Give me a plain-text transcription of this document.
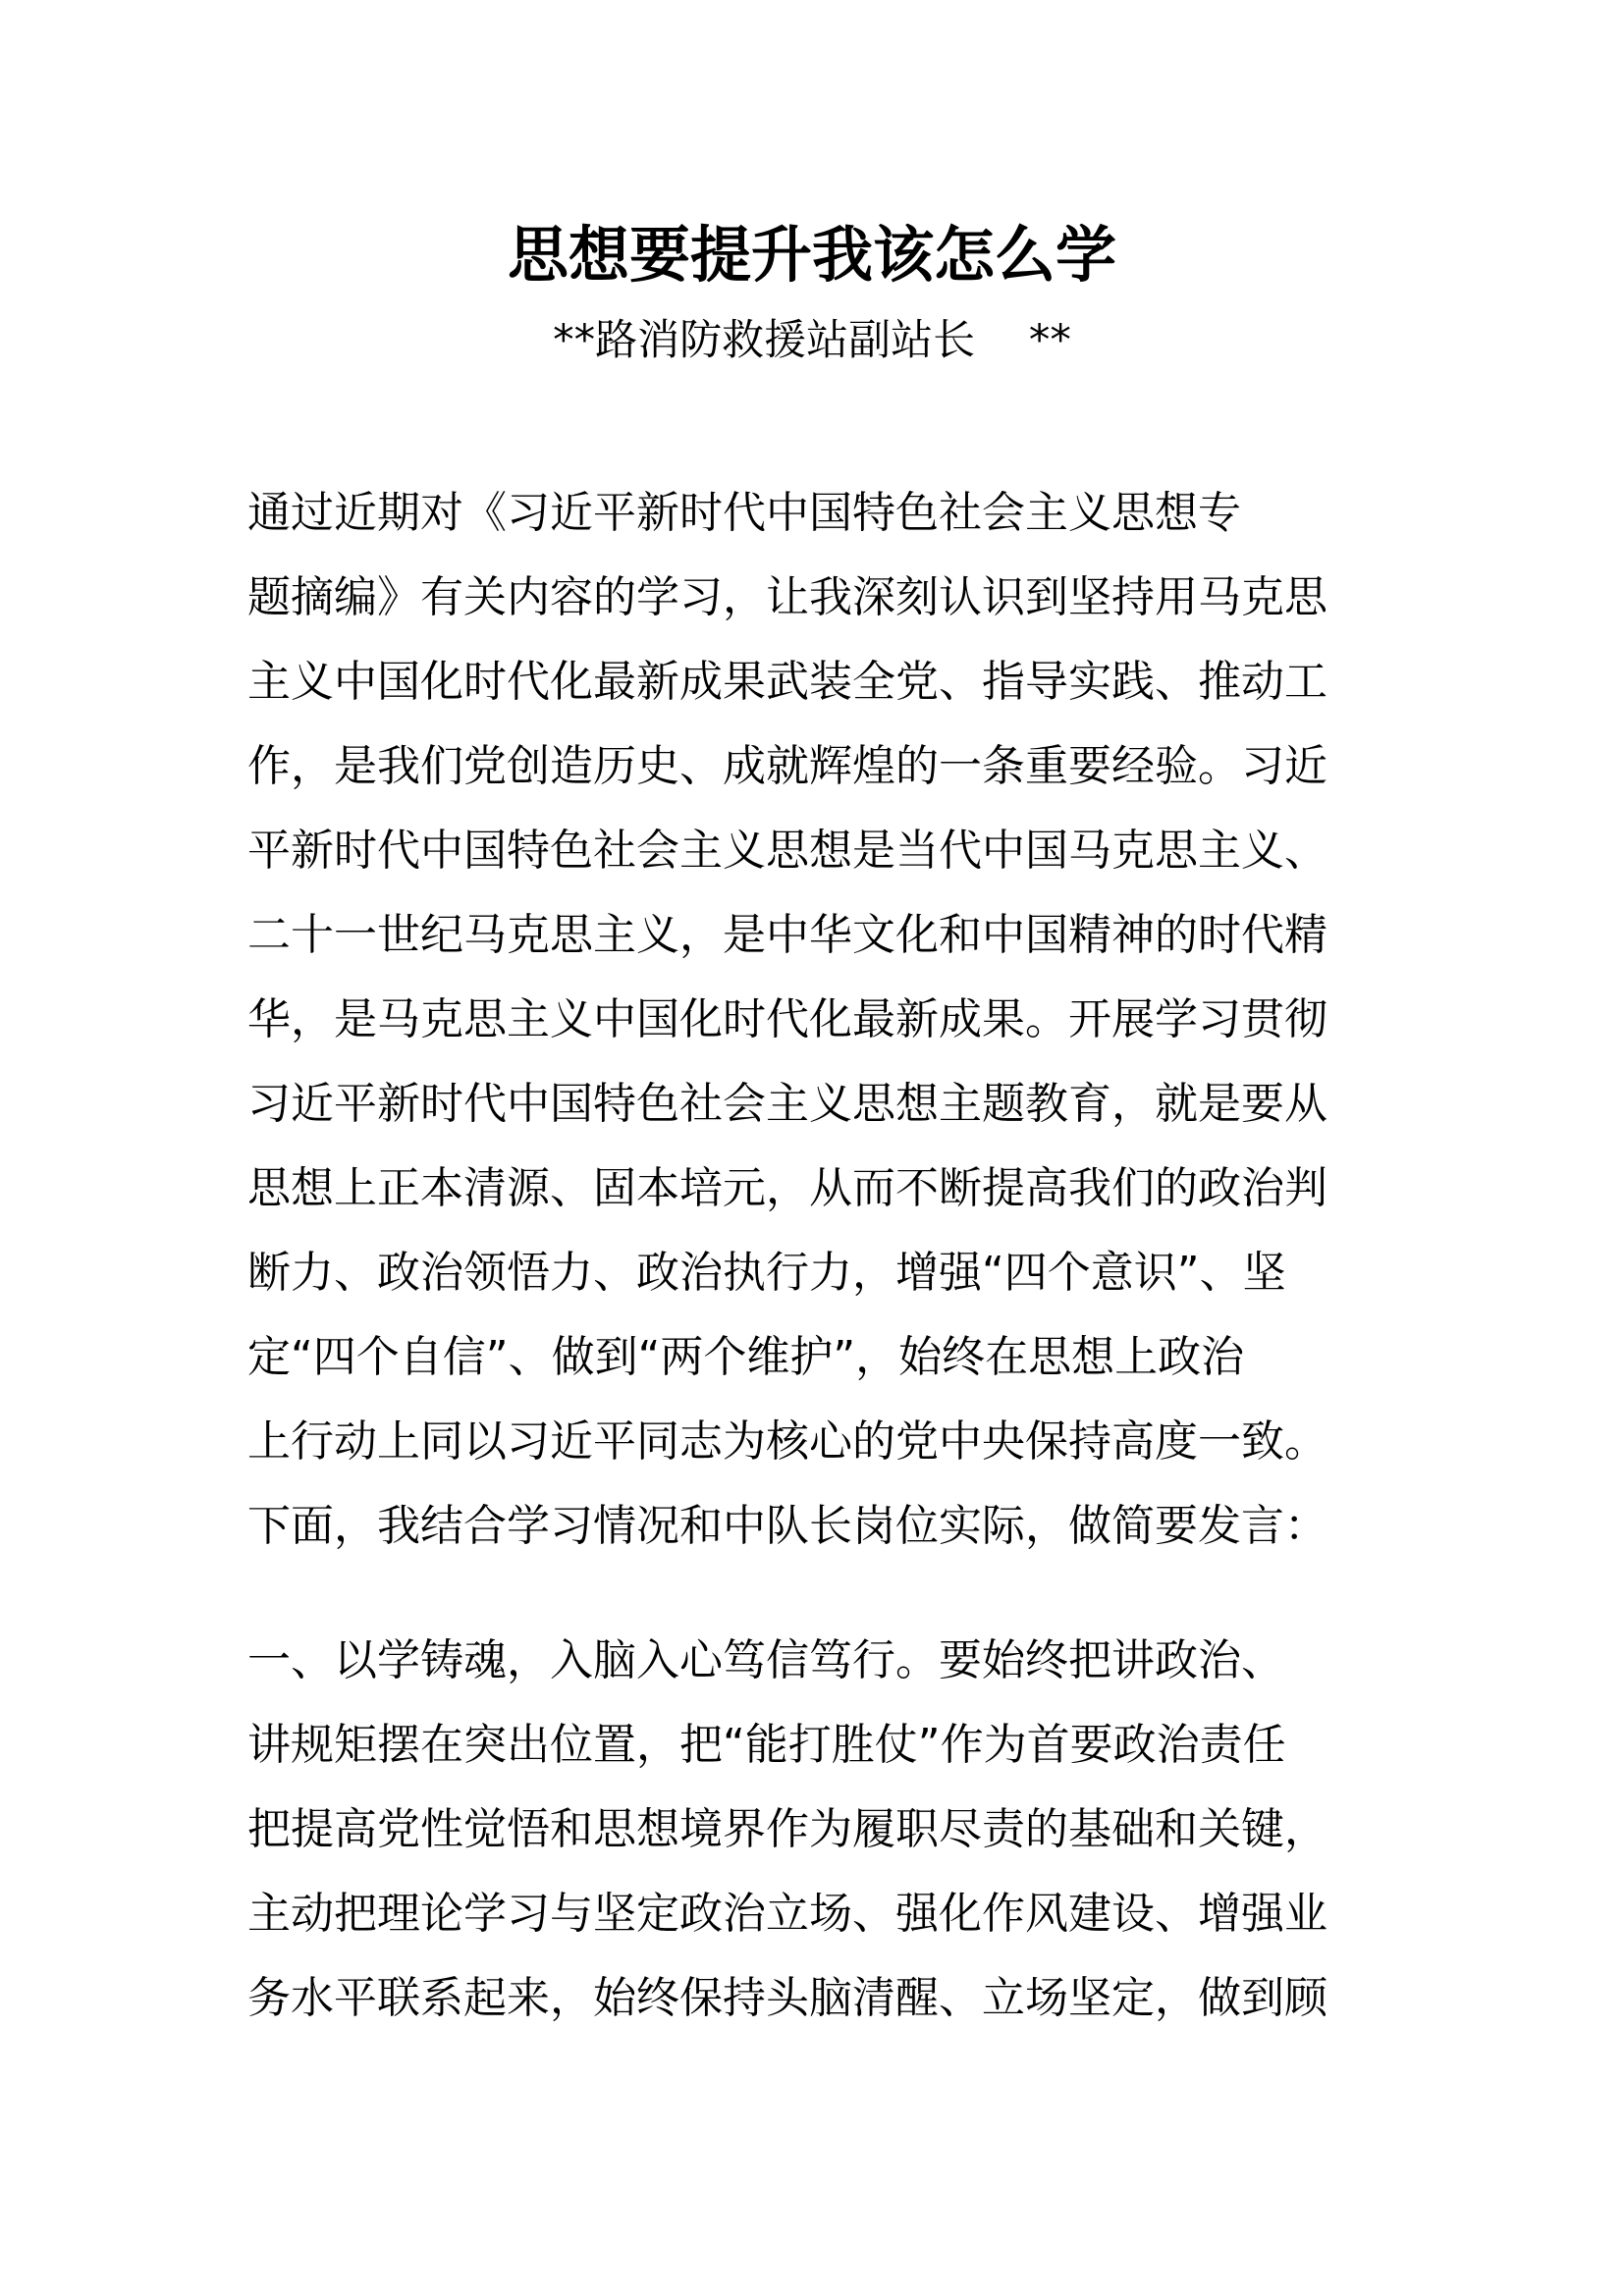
思想要提升我该怎么学
**路消防救援站副站长    **
通过近期对《习近平新时代中国特色社会主义思想专
题摘编》有关内容的学习，让我深刻认识到坚持用马克思
主义中国化时代化最新成果武装全党、指导实践、推动工
作，是我们党创造历史、成就辉煌的一条重要经验。习近
平新时代中国特色社会主义思想是当代中国马克思主义、
二十一世纪马克思主义，是中华文化和中国精神的时代精
华，是马克思主义中国化时代化最新成果。开展学习贯彻
习近平新时代中国特色社会主义思想主题教育，就是要从
思想上正本清源、固本培元，从而不断提高我们的政治判
断力、政治领悟力、政治执行力，增强“四个意识”、坚
定“四个自信”、做到“两个维护”，始终在思想上政治
上行动上同以习近平同志为核心的党中央保持高度一致。
下面，我结合学习情况和中队长岗位实际，做简要发言：
一、以学铸魂，入脑入心笃信笃行。要始终把讲政治、
讲规矩摆在突出位置，把“能打胜仗”作为首要政治责任
把提高党性觉悟和思想境界作为履职尽责的基础和关键，
主动把理论学习与坚定政治立场、强化作风建设、增强业
务水平联系起来，始终保持头脑清醒、立场坚定，做到顾
